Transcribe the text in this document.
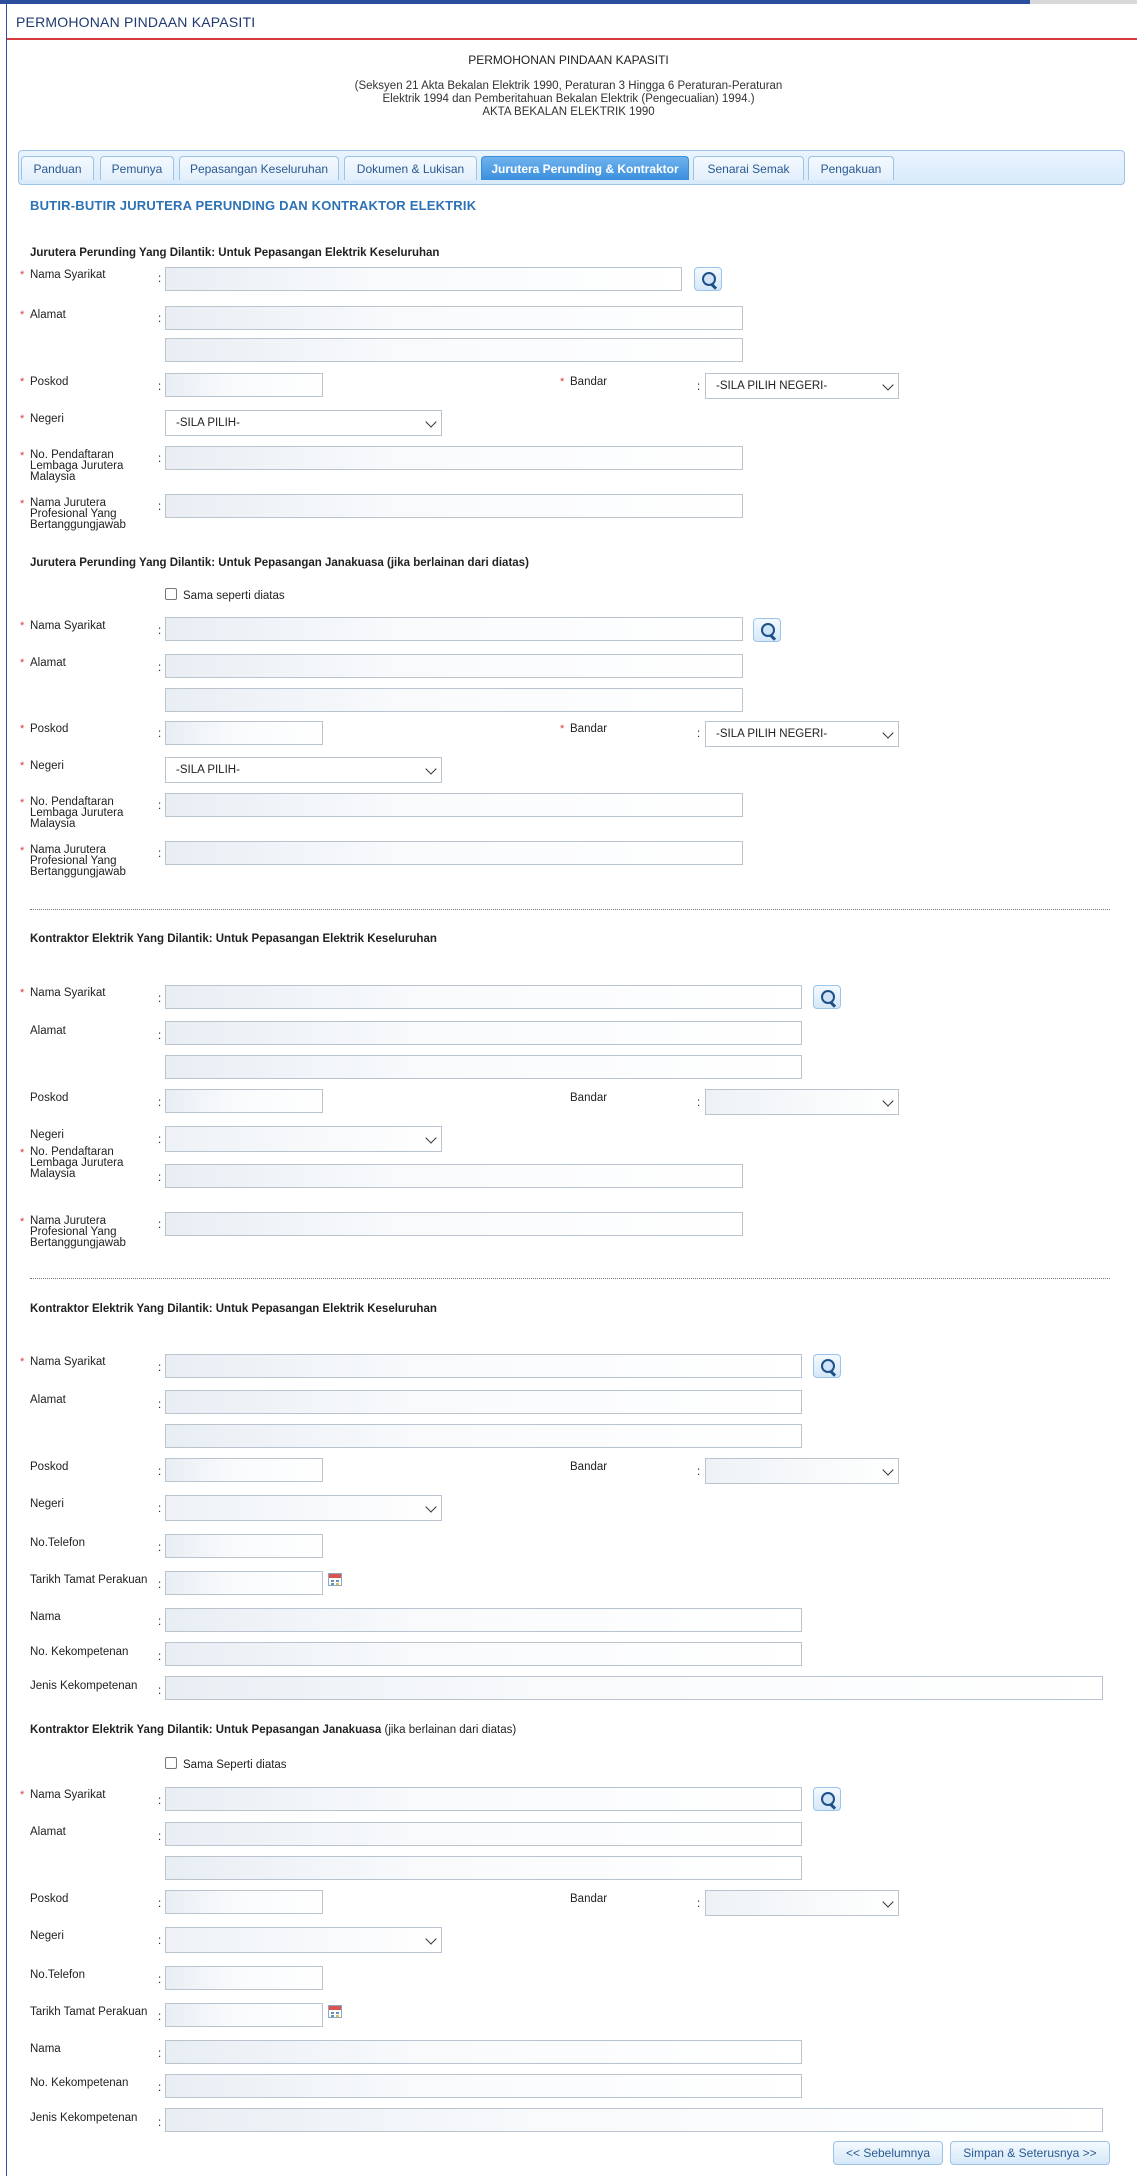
PERMOHONAN PINDAAN KAPASITI
PERMOHONAN PINDAAN KAPASITI
(Seksyen 21 Akta Bekalan Elektrik 1990, Peraturan 3 Hingga 6 Peraturan-Peraturan
Elektrik 1994 dan Pemberitahuan Bekalan Elektrik (Pengecualian) 1994.)
AKTA BEKALAN ELEKTRIK 1990
Panduan	Pemunya	Pepasangan Keseluruhan	Dokumen & Lukisan	Jurutera Perunding & Kontraktor	Senarai Semak	Pengakuan
BUTIR-BUTIR JURUTERA PERUNDING DAN KONTRAKTOR ELEKTRIK
Jurutera Perunding Yang Dilantik: Untuk Pepasangan Elektrik Keseluruhan
* Nama Syarikat	:
* Alamat	:
* Poskod	:	* Bandar	:	-SILA PILIH NEGERI-
* Negeri	-SILA PILIH-
* No. Pendaftaran
Lembaga Jurutera
Malaysia
:
* Nama Jurutera
Profesional Yang
Bertanggungjawab
:
Jurutera Perunding Yang Dilantik: Untuk Pepasangan Janakuasa (jika berlainan dari diatas)
Sama seperti diatas
* Nama Syarikat	:
* Alamat	:
* Poskod	:	* Bandar	:	-SILA PILIH NEGERI-
* Negeri	-SILA PILIH-
* No. Pendaftaran
Lembaga Jurutera
Malaysia
:
* Nama Jurutera
Profesional Yang
Bertanggungjawab
:
Kontraktor Elektrik Yang Dilantik: Untuk Pepasangan Elektrik Keseluruhan
* Nama Syarikat	:
Alamat	:
Poskod	:	Bandar	:
Negeri	:
* No. Pendaftaran
Lembaga Jurutera
Malaysia	:
* Nama Jurutera
Profesional Yang
Bertanggungjawab
:
Kontraktor Elektrik Yang Dilantik: Untuk Pepasangan Elektrik Keseluruhan
* Nama Syarikat	:
Alamat	:
Poskod	:	Bandar	:
Negeri	:
No.Telefon	:
Tarikh Tamat Perakuan :
Nama	:
No. Kekompetenan	:
Jenis Kekompetenan :
Kontraktor Elektrik Yang Dilantik: Untuk Pepasangan Janakuasa (jika berlainan dari diatas)
Sama Seperti diatas
* Nama Syarikat	:
Alamat	:
Poskod	:	Bandar	:
Negeri	:
No.Telefon	:
Tarikh Tamat Perakuan :
Nama	:
No. Kekompetenan	:
Jenis Kekompetenan :
<< Sebelumnya	Simpan & Seterusnya >>
